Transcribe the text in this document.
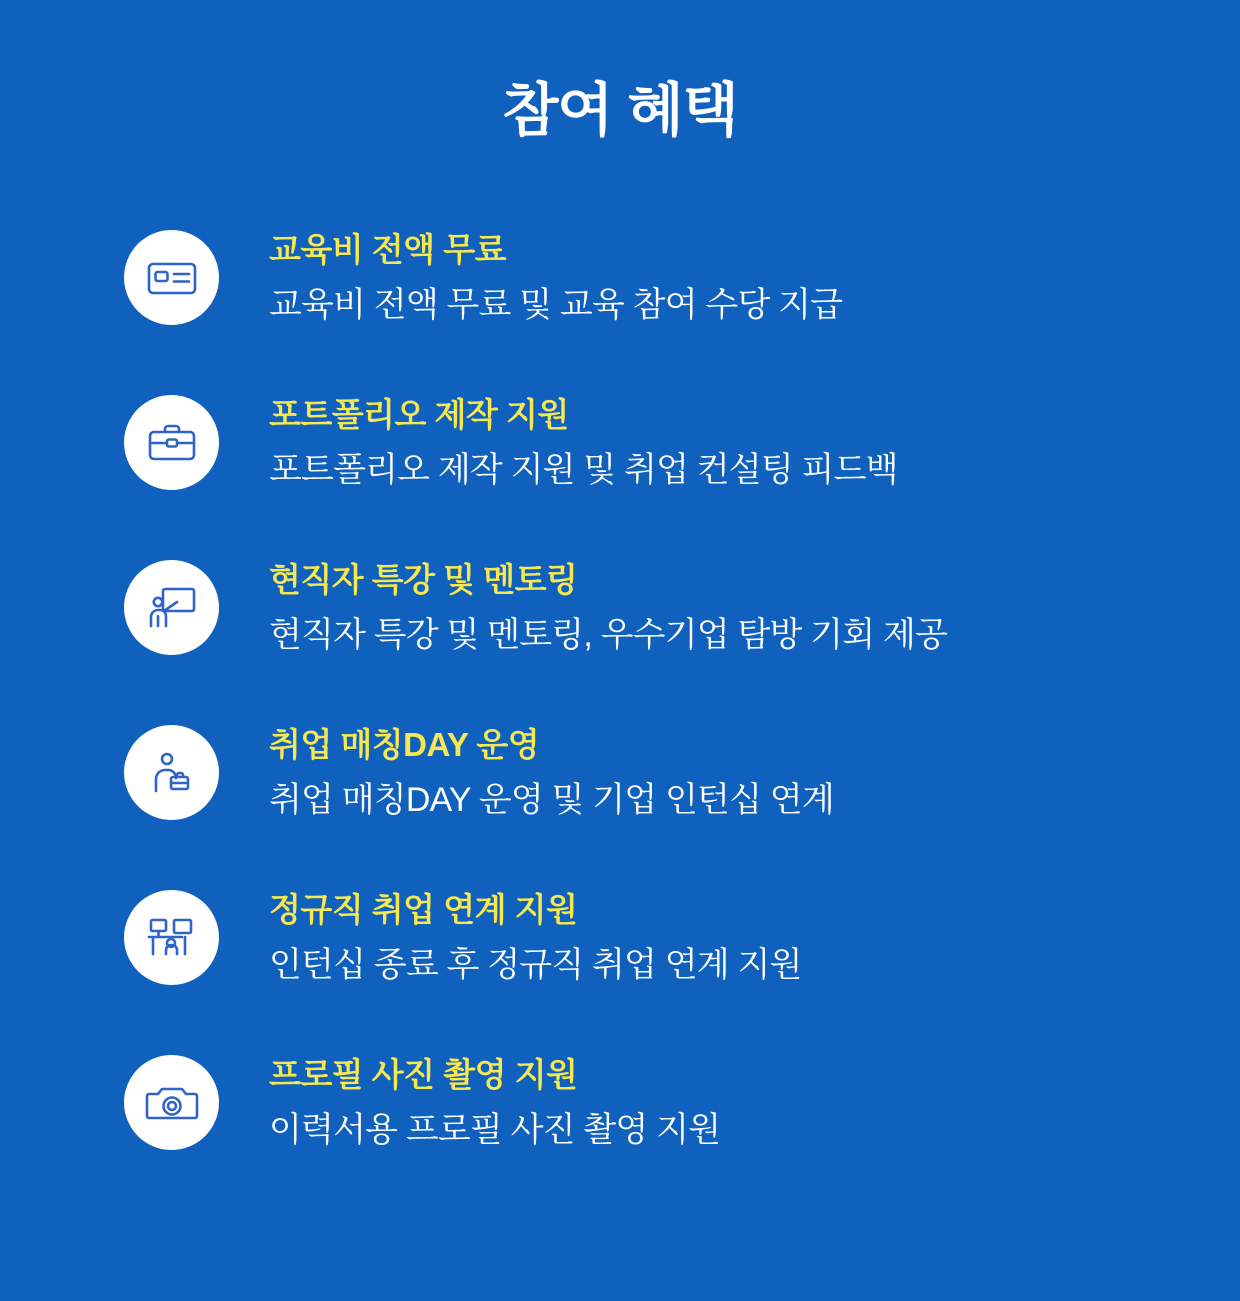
참여 혜택
교육비 전액 무료
교육비 전액 무료 및 교육 참여 수당 지급
포트폴리오 제작 지원
포트폴리오 제작 지원 및 취업 컨설팅 피드백
현직자 특강 및 멘토링
현직자 특강 및 멘토링, 우수기업 탐방 기회 제공
취업 매칭DAY 운영
취업 매칭DAY 운영 및 기업 인턴십 연계
정규직 취업 연계 지원
인턴십 종료 후 정규직 취업 연계 지원
프로필 사진 촬영 지원
이력서용 프로필 사진 촬영 지원
